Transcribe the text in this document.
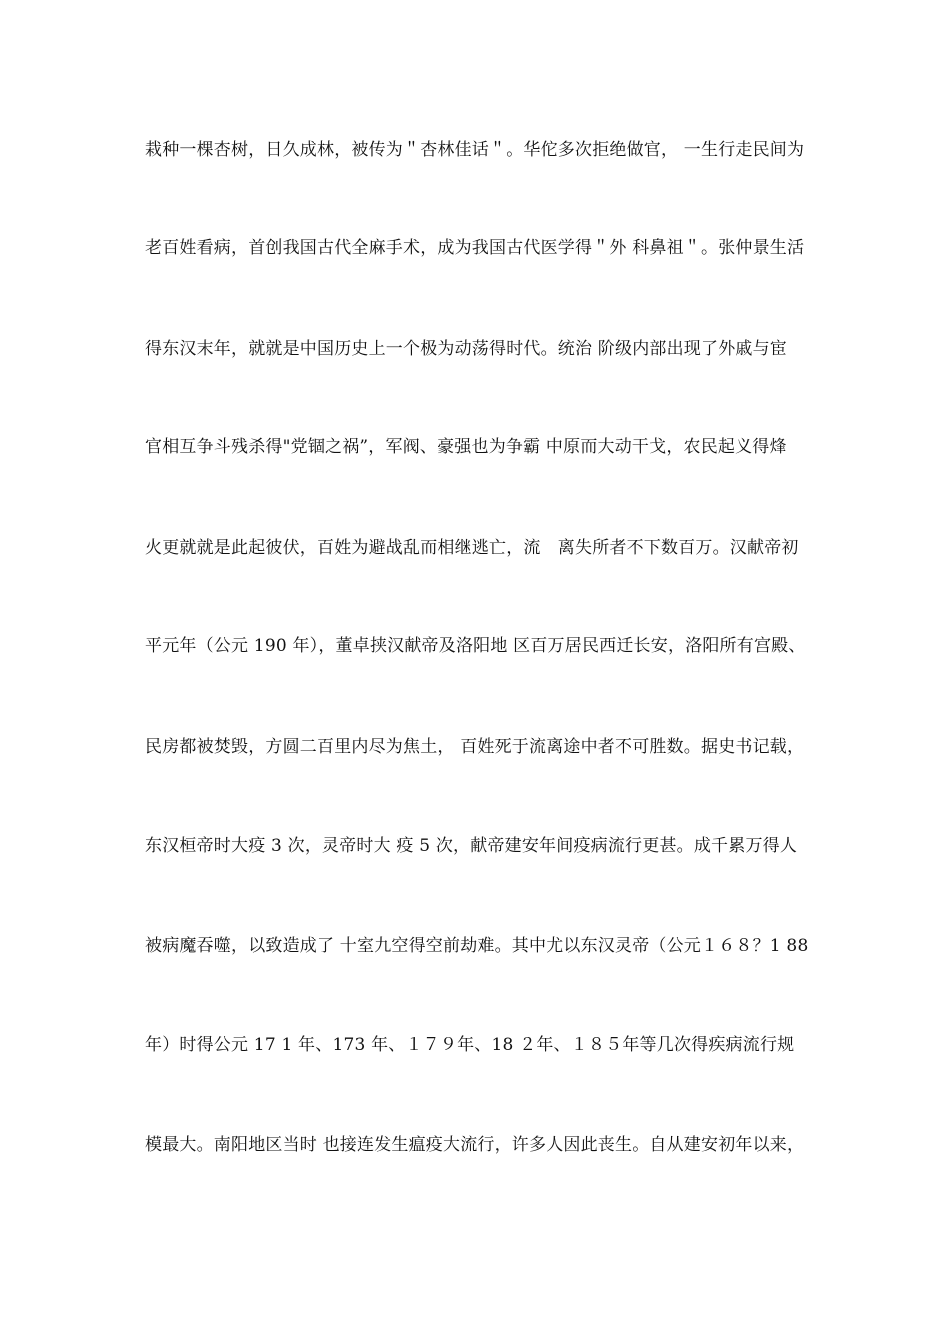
栽种一棵杏树，日久成林，被传为＂杏林佳话＂。华佗多次拒绝做官， 一生行走民间为
老百姓看病，首创我国古代全麻手术，成为我国古代医学得＂外 科鼻祖＂。张仲景生活
得东汉末年，就就是中国历史上一个极为动荡得时代。统治 阶级内部出现了外戚与宦
官相互争斗残杀得"党锢之祸”，军阀、豪强也为争霸 中原而大动干戈，农民起义得烽
火更就就是此起彼伏，百姓为避战乱而相继逃亡，流　离失所者不下数百万。汉献帝初
平元年（公元 190 年），董卓挟汉献帝及洛阳地 区百万居民西迁长安，洛阳所有宫殿、
民房都被焚毁，方圆二百里内尽为焦土， 百姓死于流离途中者不可胜数。据史书记载，
东汉桓帝时大疫 3 次，灵帝时大 疫 5 次，献帝建安年间疫病流行更甚。成千累万得人
被病魔吞噬，以致造成了 十室九空得空前劫难。其中尤以东汉灵帝（公元１６８？1 88
年）时得公元 17 1 年、173 年、１７９年、18 ２年、１８５年等几次得疾病流行规
模最大。南阳地区当时 也接连发生瘟疫大流行，许多人因此丧生。自从建安初年以来，
